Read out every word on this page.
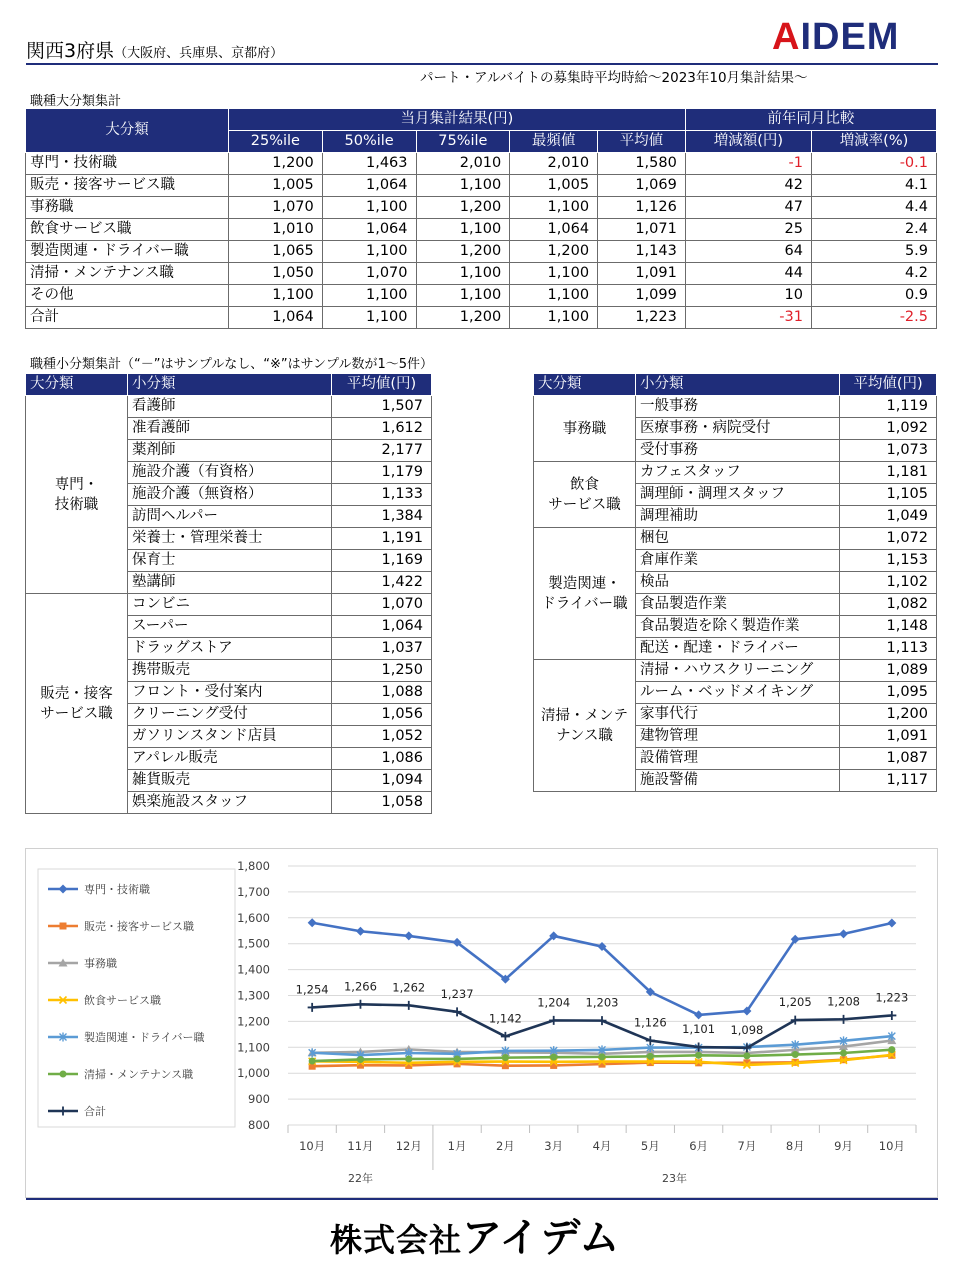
関西3府県（大阪府、兵庫県、京都府）	AIDEM
パート・アルバイトの募集時平均時給～2023年10月集計結果～
職種大分類集計
大分類	当月集計結果(円)					前年同月比較	
	25%ile	50%ile	75%ile	最頻値	平均値	増減額(円)	増減率(%)
専門・技術職	1,200	1,463	2,010	2,010	1,580	-1	-0.1
販売・接客サービス職	1,005	1,064	1,100	1,005	1,069	42	4.1
事務職	1,070	1,100	1,200	1,100	1,126	47	4.4
飲食サービス職	1,010	1,064	1,100	1,064	1,071	25	2.4
製造関連・ドライバー職	1,065	1,100	1,200	1,200	1,143	64	5.9
清掃・メンテナンス職	1,050	1,070	1,100	1,100	1,091	44	4.2
その他	1,100	1,100	1,100	1,100	1,099	10	0.9
合計	1,064	1,100	1,200	1,100	1,223	-31	-2.5
職種小分類集計（“－”はサンプルなし、“※”はサンプル数が1～5件）
大分類	小分類	平均値(円)
専門・
技術職	看護師	1,507
	准看護師	1,612
	薬剤師	2,177
	施設介護（有資格）	1,179
	施設介護（無資格）	1,133
	訪問ヘルパー	1,384
	栄養士・管理栄養士	1,191
	保育士	1,169
	塾講師	1,422
販売・接客
サービス職	コンビニ	1,070
	スーパー	1,064
	ドラッグストア	1,037
	携帯販売	1,250
	フロント・受付案内	1,088
	クリーニング受付	1,056
	ガソリンスタンド店員	1,052
	アパレル販売	1,086
	雑貨販売	1,094
	娯楽施設スタッフ	1,058
大分類	小分類	平均値(円)
事務職	一般事務	1,119
	医療事務・病院受付	1,092
	受付事務	1,073
飲食
サービス職	カフェスタッフ	1,181
	調理師・調理スタッフ	1,105
	調理補助	1,049
製造関連・
ドライバー職	梱包	1,072
	倉庫作業	1,153
	検品	1,102
	食品製造作業	1,082
	食品製造を除く製造作業	1,148
	配送・配達・ドライバー	1,113
清掃・メンテ
ナンス職	清掃・ハウスクリーニング	1,089
	ルーム・ベッドメイキング	1,095
	家事代行	1,200
	建物管理	1,091
	設備管理	1,087
	施設警備	1,117
800
900
1,000
1,100
1,200
1,300
1,400
1,500
1,600
1,700
1,800
10月 11月 12月 1月	2月	3月	4月	5月	6月	7月	8月	9月 10月
22年	23年
1,254 1,266 1,262 1,237
1,142
1,204 1,203
1,126 1,101 1,098
1,205 1,208 1,223
専門・技術職
販売・接客サービス職
事務職
飲食サービス職
製造関連・ドライバー職
清掃・メンテナンス職
合計
株式会社アイデム
